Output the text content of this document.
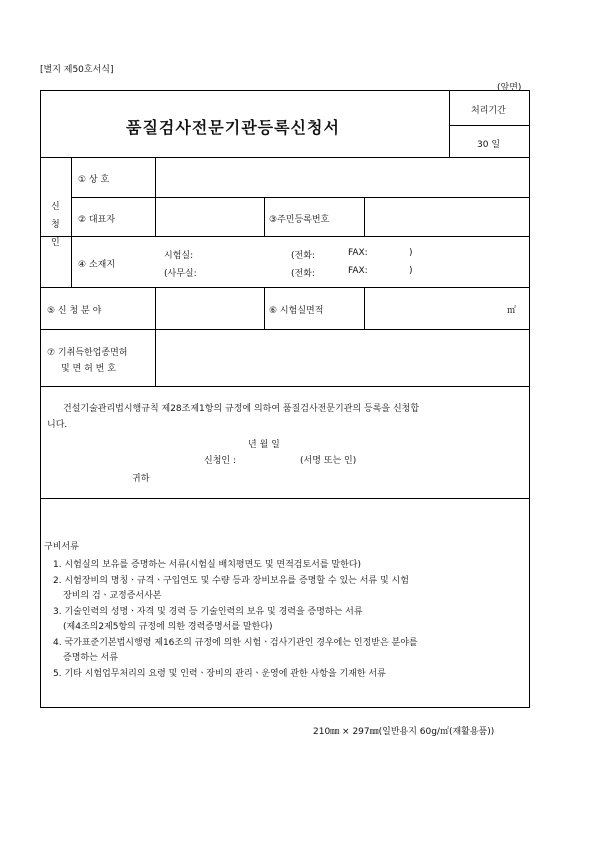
[별지 제50호서식]
(앞면)
품질검사전문기관등록신청서
처리기간
30 일
신
청
인
① 상 호
② 대표자	③주민등록번호
④ 소재지
시험실:	(전화:	FAX:	)
(사무실:	(전화:	FAX:	)
⑤ 신 청 분 야	⑥ 시험실면적	㎡
⑦ 기취득한업종면허
및 면 허 번 호
건설기술관리법시행규칙 제28조제1항의 규정에 의하여 품질검사전문기관의 등록을 신청합
니다.
년 월 일
신청인 :	(서명 또는 인)
귀하
구비서류
1. 시험실의 보유를 증명하는 서류(시험실 배치평면도 및 면적검토서를 말한다)
2. 시험장비의 명칭ㆍ규격ㆍ구입연도 및 수량 등과 장비보유를 증명할 수 있는 서류 및 시험
장비의 검ㆍ교정증서사본
3. 기술인력의 성명ㆍ자격 및 경력 등 기술인력의 보유 및 경력을 증명하는 서류
(제4조의2제5항의 규정에 의한 경력증명서를 말한다)
4. 국가표준기본법시행령 제16조의 규정에 의한 시험ㆍ검사기관인 경우에는 인정받은 분야를
증명하는 서류
5. 기타 시험업무처리의 요령 및 인력ㆍ장비의 관리ㆍ운영에 관한 사항을 기재한 서류
210㎜ × 297㎜(일반용지 60g/㎡(재활용품))
